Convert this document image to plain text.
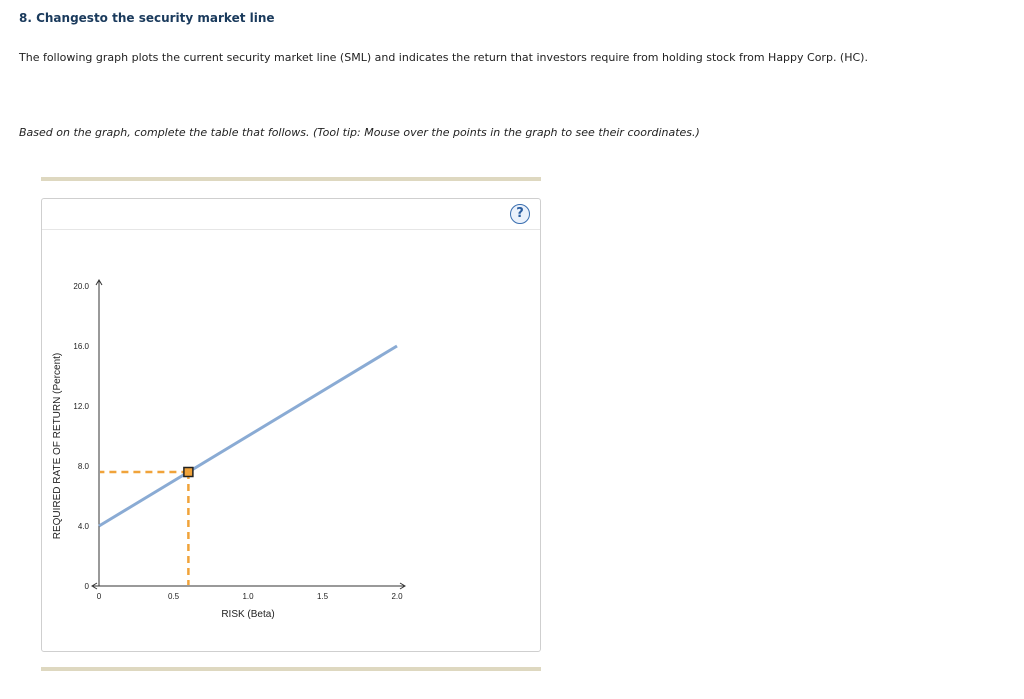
8. Changesto the security market line
The following graph plots the current security market line (SML) and indicates the return that investors require from holding stock from Happy Corp. (HC).
Based on the graph, complete the table that follows. (Tool tip: Mouse over the points in the graph to see their coordinates.)
?
0	0.5	1.0	1.5	2.0
0
4.0
8.0
12.0
16.0
20.0
RISK (Beta)
REQUIRED RATE OF RETURN (Percent)
